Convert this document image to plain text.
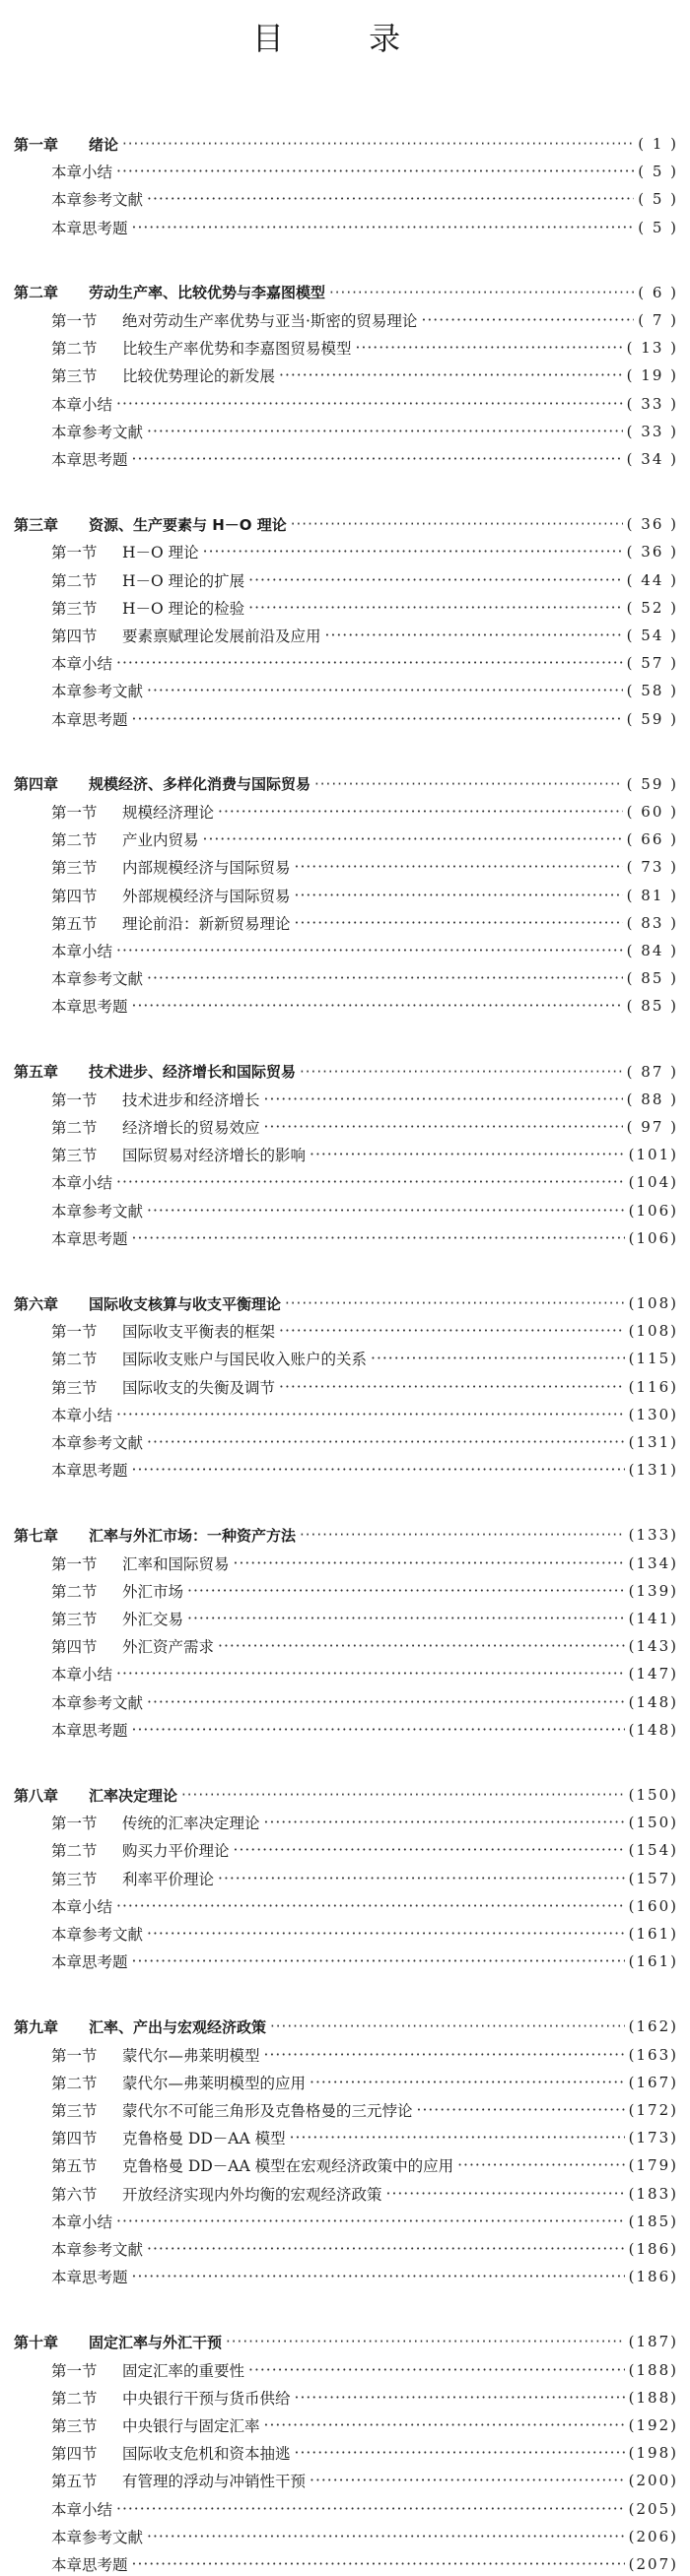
目 录
第一章	绪论 ·····	( 1 )
本章小结 ·····	( 5 )
本章参考文献 ·····	( 5 )
本章思考题 ·····	( 5 )
第二章	劳动生产率、比较优势与李嘉图模型 ·····	( 6 )
第一节	绝对劳动生产率优势与亚当·斯密的贸易理论 ·····	( 7 )
第二节	比较生产率优势和李嘉图贸易模型 ·····	( 13 )
第三节	比较优势理论的新发展 ·····	( 19 )
本章小结 ·····	( 33 )
本章参考文献 ·····	( 33 )
本章思考题 ·····	( 34 )
第三章	资源、生产要素与 H－O 理论 ·····	( 36 )
第一节	H－O 理论 ·····	( 36 )
第二节	H－O 理论的扩展 ·····	( 44 )
第三节	H－O 理论的检验 ·····	( 52 )
第四节	要素禀赋理论发展前沿及应用 ·····	( 54 )
本章小结 ·····	( 57 )
本章参考文献 ·····	( 58 )
本章思考题 ·····	( 59 )
第四章	规模经济、多样化消费与国际贸易 ·····	( 59 )
第一节	规模经济理论 ·····	( 60 )
第二节	产业内贸易 ·····	( 66 )
第三节	内部规模经济与国际贸易 ·····	( 73 )
第四节	外部规模经济与国际贸易 ·····	( 81 )
第五节	理论前沿：新新贸易理论 ·····	( 83 )
本章小结 ·····	( 84 )
本章参考文献 ·····	( 85 )
本章思考题 ·····	( 85 )
第五章	技术进步、经济增长和国际贸易 ·····	( 87 )
第一节	技术进步和经济增长 ·····	( 88 )
第二节	经济增长的贸易效应 ·····	( 97 )
第三节	国际贸易对经济增长的影响 ·····	(101)
本章小结 ·····	(104)
本章参考文献 ·····	(106)
本章思考题 ·····	(106)
第六章	国际收支核算与收支平衡理论 ·····	(108)
第一节	国际收支平衡表的框架 ·····	(108)
第二节	国际收支账户与国民收入账户的关系 ·····	(115)
第三节	国际收支的失衡及调节 ·····	(116)
本章小结 ·····	(130)
本章参考文献 ·····	(131)
本章思考题 ·····	(131)
第七章	汇率与外汇市场：一种资产方法 ·····	(133)
第一节	汇率和国际贸易 ·····	(134)
第二节	外汇市场 ·····	(139)
第三节	外汇交易 ·····	(141)
第四节	外汇资产需求 ·····	(143)
本章小结 ·····	(147)
本章参考文献 ·····	(148)
本章思考题 ·····	(148)
第八章	汇率决定理论 ·····	(150)
第一节	传统的汇率决定理论 ·····	(150)
第二节	购买力平价理论 ·····	(154)
第三节	利率平价理论 ·····	(157)
本章小结 ·····	(160)
本章参考文献 ·····	(161)
本章思考题 ·····	(161)
第九章	汇率、产出与宏观经济政策 ·····	(162)
第一节	蒙代尔—弗莱明模型 ·····	(163)
第二节	蒙代尔—弗莱明模型的应用 ·····	(167)
第三节	蒙代尔不可能三角形及克鲁格曼的三元悖论 ·····	(172)
第四节	克鲁格曼 DD－AA 模型 ·····	(173)
第五节	克鲁格曼 DD－AA 模型在宏观经济政策中的应用 ·····	(179)
第六节	开放经济实现内外均衡的宏观经济政策 ·····	(183)
本章小结 ·····	(185)
本章参考文献 ·····	(186)
本章思考题 ·····	(186)
第十章	固定汇率与外汇干预 ·····	(187)
第一节	固定汇率的重要性 ·····	(188)
第二节	中央银行干预与货币供给 ·····	(188)
第三节	中央银行与固定汇率 ·····	(192)
第四节	国际收支危机和资本抽逃 ·····	(198)
第五节	有管理的浮动与冲销性干预 ·····	(200)
本章小结 ·····	(205)
本章参考文献 ·····	(206)
本章思考题 ·····	(207)
